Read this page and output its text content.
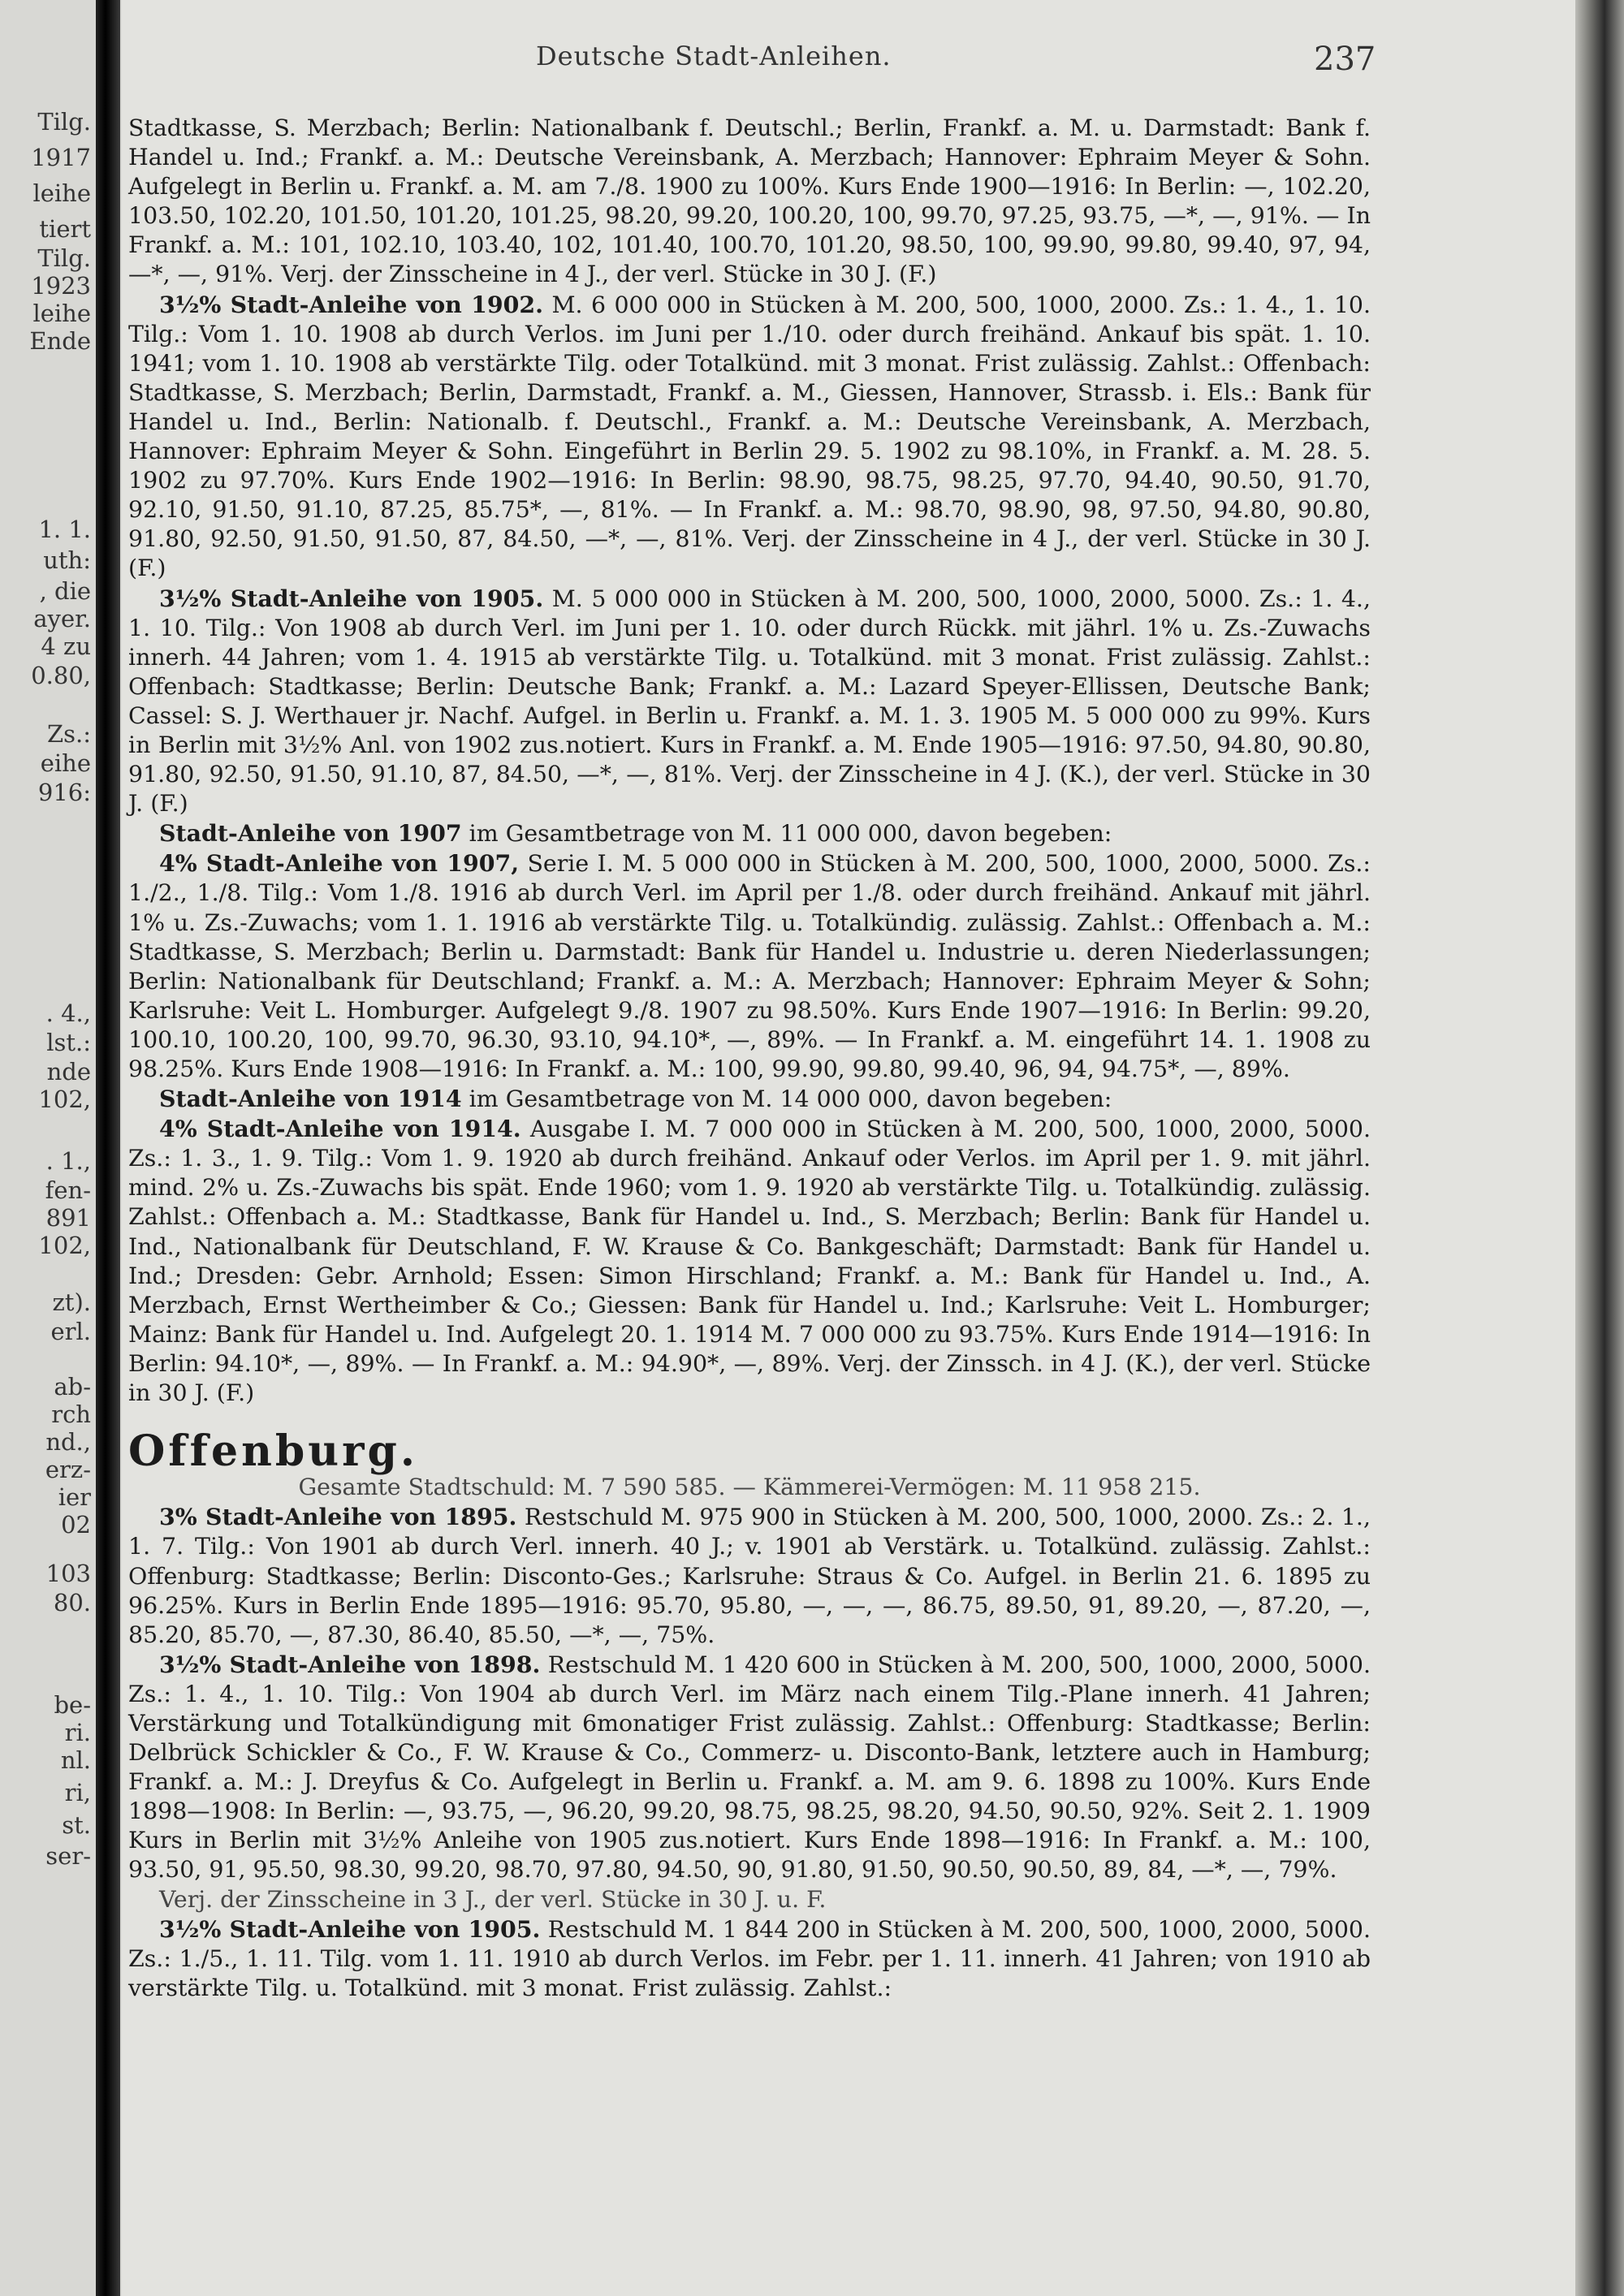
Tilg.
1917
leihe
tiert
Tilg.
1923
leihe
Ende
1. 1.
uth:
, die
ayer.
4 zu
0.80,
Zs.:
eihe
916:
. 4.,
lst.:
nde
102,
. 1.,
fen-
891
102,
zt).
erl.
ab-
rch
nd.,
erz-
ier
02
103
80.
be-
ri.
nl.
ri,
st.
ser-
Deutsche Stadt-Anleihen.	237

Stadtkasse, S. Merzbach; Berlin: Nationalbank f. Deutschl.; Berlin, Frankf. a. M. u. Darmstadt: Bank f. Handel u. Ind.; Frankf. a. M.: Deutsche Vereinsbank, A. Merzbach; Hannover: Ephraim Meyer & Sohn. Aufgelegt in Berlin u. Frankf. a. M. am 7./8. 1900 zu 100%. Kurs Ende 1900—1916: In Berlin: —, 102.20, 103.50, 102.20, 101.50, 101.20, 101.25, 98.20, 99.20, 100.20, 100, 99.70, 97.25, 93.75, —*, —, 91%. — In Frankf. a. M.: 101, 102.10, 103.40, 102, 101.40, 100.70, 101.20, 98.50, 100, 99.90, 99.80, 99.40, 97, 94, —*, —, 91%. Verj. der Zinsscheine in 4 J., der verl. Stücke in 30 J. (F.)

3½% Stadt-Anleihe von 1902. M. 6 000 000 in Stücken à M. 200, 500, 1000, 2000. Zs.: 1. 4., 1. 10. Tilg.: Vom 1. 10. 1908 ab durch Verlos. im Juni per 1./10. oder durch freihänd. Ankauf bis spät. 1. 10. 1941; vom 1. 10. 1908 ab verstärkte Tilg. oder Totalkünd. mit 3 monat. Frist zulässig. Zahlst.: Offenbach: Stadtkasse, S. Merzbach; Berlin, Darmstadt, Frankf. a. M., Giessen, Hannover, Strassb. i. Els.: Bank für Handel u. Ind., Berlin: Nationalb. f. Deutschl., Frankf. a. M.: Deutsche Vereinsbank, A. Merzbach, Hannover: Ephraim Meyer & Sohn. Eingeführt in Berlin 29. 5. 1902 zu 98.10%, in Frankf. a. M. 28. 5. 1902 zu 97.70%. Kurs Ende 1902—1916: In Berlin: 98.90, 98.75, 98.25, 97.70, 94.40, 90.50, 91.70, 92.10, 91.50, 91.10, 87.25, 85.75*, —, 81%. — In Frankf. a. M.: 98.70, 98.90, 98, 97.50, 94.80, 90.80, 91.80, 92.50, 91.50, 91.50, 87, 84.50, —*, —, 81%. Verj. der Zinsscheine in 4 J., der verl. Stücke in 30 J. (F.)

3½% Stadt-Anleihe von 1905. M. 5 000 000 in Stücken à M. 200, 500, 1000, 2000, 5000. Zs.: 1. 4., 1. 10. Tilg.: Von 1908 ab durch Verl. im Juni per 1. 10. oder durch Rückk. mit jährl. 1% u. Zs.-Zuwachs innerh. 44 Jahren; vom 1. 4. 1915 ab verstärkte Tilg. u. Totalkünd. mit 3 monat. Frist zulässig. Zahlst.: Offenbach: Stadtkasse; Berlin: Deutsche Bank; Frankf. a. M.: Lazard Speyer-Ellissen, Deutsche Bank; Cassel: S. J. Werthauer jr. Nachf. Aufgel. in Berlin u. Frankf. a. M. 1. 3. 1905 M. 5 000 000 zu 99%. Kurs in Berlin mit 3½% Anl. von 1902 zus.notiert. Kurs in Frankf. a. M. Ende 1905—1916: 97.50, 94.80, 90.80, 91.80, 92.50, 91.50, 91.10, 87, 84.50, —*, —, 81%. Verj. der Zinsscheine in 4 J. (K.), der verl. Stücke in 30 J. (F.)

Stadt-Anleihe von 1907 im Gesamtbetrage von M. 11 000 000, davon begeben:

4% Stadt-Anleihe von 1907, Serie I. M. 5 000 000 in Stücken à M. 200, 500, 1000, 2000, 5000. Zs.: 1./2., 1./8. Tilg.: Vom 1./8. 1916 ab durch Verl. im April per 1./8. oder durch freihänd. Ankauf mit jährl. 1% u. Zs.-Zuwachs; vom 1. 1. 1916 ab verstärkte Tilg. u. Totalkündig. zulässig. Zahlst.: Offenbach a. M.: Stadtkasse, S. Merzbach; Berlin u. Darmstadt: Bank für Handel u. Industrie u. deren Niederlassungen; Berlin: Nationalbank für Deutschland; Frankf. a. M.: A. Merzbach; Hannover: Ephraim Meyer & Sohn; Karlsruhe: Veit L. Homburger. Aufgelegt 9./8. 1907 zu 98.50%. Kurs Ende 1907—1916: In Berlin: 99.20, 100.10, 100.20, 100, 99.70, 96.30, 93.10, 94.10*, —, 89%. — In Frankf. a. M. eingeführt 14. 1. 1908 zu 98.25%. Kurs Ende 1908—1916: In Frankf. a. M.: 100, 99.90, 99.80, 99.40, 96, 94, 94.75*, —, 89%.

Stadt-Anleihe von 1914 im Gesamtbetrage von M. 14 000 000, davon begeben:

4% Stadt-Anleihe von 1914. Ausgabe I. M. 7 000 000 in Stücken à M. 200, 500, 1000, 2000, 5000. Zs.: 1. 3., 1. 9. Tilg.: Vom 1. 9. 1920 ab durch freihänd. Ankauf oder Verlos. im April per 1. 9. mit jährl. mind. 2% u. Zs.-Zuwachs bis spät. Ende 1960; vom 1. 9. 1920 ab verstärkte Tilg. u. Totalkündig. zulässig. Zahlst.: Offenbach a. M.: Stadtkasse, Bank für Handel u. Ind., S. Merzbach; Berlin: Bank für Handel u. Ind., Nationalbank für Deutschland, F. W. Krause & Co. Bankgeschäft; Darmstadt: Bank für Handel u. Ind.; Dresden: Gebr. Arnhold; Essen: Simon Hirschland; Frankf. a. M.: Bank für Handel u. Ind., A. Merzbach, Ernst Wertheimber & Co.; Giessen: Bank für Handel u. Ind.; Karlsruhe: Veit L. Homburger; Mainz: Bank für Handel u. Ind. Aufgelegt 20. 1. 1914 M. 7 000 000 zu 93.75%. Kurs Ende 1914—1916: In Berlin: 94.10*, —, 89%. — In Frankf. a. M.: 94.90*, —, 89%. Verj. der Zinssch. in 4 J. (K.), der verl. Stücke in 30 J. (F.)

Offenburg.

Gesamte Stadtschuld: M. 7 590 585. — Kämmerei-Vermögen: M. 11 958 215.

3% Stadt-Anleihe von 1895. Restschuld M. 975 900 in Stücken à M. 200, 500, 1000, 2000. Zs.: 2. 1., 1. 7. Tilg.: Von 1901 ab durch Verl. innerh. 40 J.; v. 1901 ab Verstärk. u. Totalkünd. zulässig. Zahlst.: Offenburg: Stadtkasse; Berlin: Disconto-Ges.; Karlsruhe: Straus & Co. Aufgel. in Berlin 21. 6. 1895 zu 96.25%. Kurs in Berlin Ende 1895—1916: 95.70, 95.80, —, —, —, 86.75, 89.50, 91, 89.20, —, 87.20, —, 85.20, 85.70, —, 87.30, 86.40, 85.50, —*, —, 75%.

3½% Stadt-Anleihe von 1898. Restschuld M. 1 420 600 in Stücken à M. 200, 500, 1000, 2000, 5000. Zs.: 1. 4., 1. 10. Tilg.: Von 1904 ab durch Verl. im März nach einem Tilg.-Plane innerh. 41 Jahren; Verstärkung und Totalkündigung mit 6monatiger Frist zulässig. Zahlst.: Offenburg: Stadtkasse; Berlin: Delbrück Schickler & Co., F. W. Krause & Co., Commerz- u. Disconto-Bank, letztere auch in Hamburg; Frankf. a. M.: J. Dreyfus & Co. Aufgelegt in Berlin u. Frankf. a. M. am 9. 6. 1898 zu 100%. Kurs Ende 1898—1908: In Berlin: —, 93.75, —, 96.20, 99.20, 98.75, 98.25, 98.20, 94.50, 90.50, 92%. Seit 2. 1. 1909 Kurs in Berlin mit 3½% Anleihe von 1905 zus.notiert. Kurs Ende 1898—1916: In Frankf. a. M.: 100, 93.50, 91, 95.50, 98.30, 99.20, 98.70, 97.80, 94.50, 90, 91.80, 91.50, 90.50, 90.50, 89, 84, —*, —, 79%.

Verj. der Zinsscheine in 3 J., der verl. Stücke in 30 J. u. F.

3½% Stadt-Anleihe von 1905. Restschuld M. 1 844 200 in Stücken à M. 200, 500, 1000, 2000, 5000. Zs.: 1./5., 1. 11. Tilg. vom 1. 11. 1910 ab durch Verlos. im Febr. per 1. 11. innerh. 41 Jahren; von 1910 ab verstärkte Tilg. u. Totalkünd. mit 3 monat. Frist zulässig. Zahlst.:
